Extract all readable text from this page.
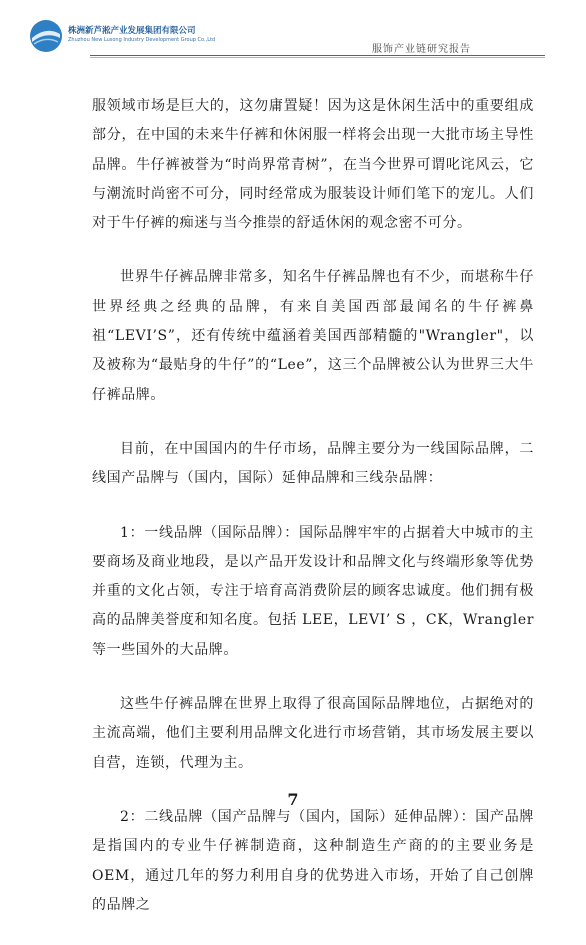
株洲新芦淞产业发展集团有限公司
Zhuzhou New Lusong Industry Development Group Co.,Ltd
服饰产业链研究报告

服领域市场是巨大的，这勿庸置疑！因为这是休闲生活中的重要组成部分，在中国的未来牛仔裤和休闲服一样将会出现一大批市场主导性品牌。牛仔裤被誉为“时尚界常青树”，在当今世界可谓叱诧风云，它与潮流时尚密不可分，同时经常成为服装设计师们笔下的宠儿。人们对于牛仔裤的痴迷与当今推崇的舒适休闲的观念密不可分。

世界牛仔裤品牌非常多，知名牛仔裤品牌也有不少，而堪称牛仔世界经典之经典的品牌，有来自美国西部最闻名的牛仔裤鼻祖“LEVI’S”，还有传统中蕴涵着美国西部精髓的"Wrangler"，以及被称为“最贴身的牛仔”的“Lee”，这三个品牌被公认为世界三大牛仔裤品牌。

目前，在中国国内的牛仔市场，品牌主要分为一线国际品牌，二线国产品牌与（国内，国际）延伸品牌和三线杂品牌：

1：一线品牌（国际品牌）：国际品牌牢牢的占据着大中城市的主要商场及商业地段，是以产品开发设计和品牌文化与终端形象等优势并重的文化占领，专注于培育高消费阶层的顾客忠诚度。他们拥有极高的品牌美誉度和知名度。包括 LEE，LEVI’ S ，CK，Wrangler 等一些国外的大品牌。

这些牛仔裤品牌在世界上取得了很高国际品牌地位，占据绝对的主流高端，他们主要利用品牌文化进行市场营销，其市场发展主要以自营，连锁，代理为主。

2：二线品牌（国产品牌与（国内，国际）延伸品牌）：国产品牌是指国内的专业牛仔裤制造商，这种制造生产商的的主要业务是 OEM，通过几年的努力利用自身的优势进入市场，开始了自己创牌的品牌之

7
